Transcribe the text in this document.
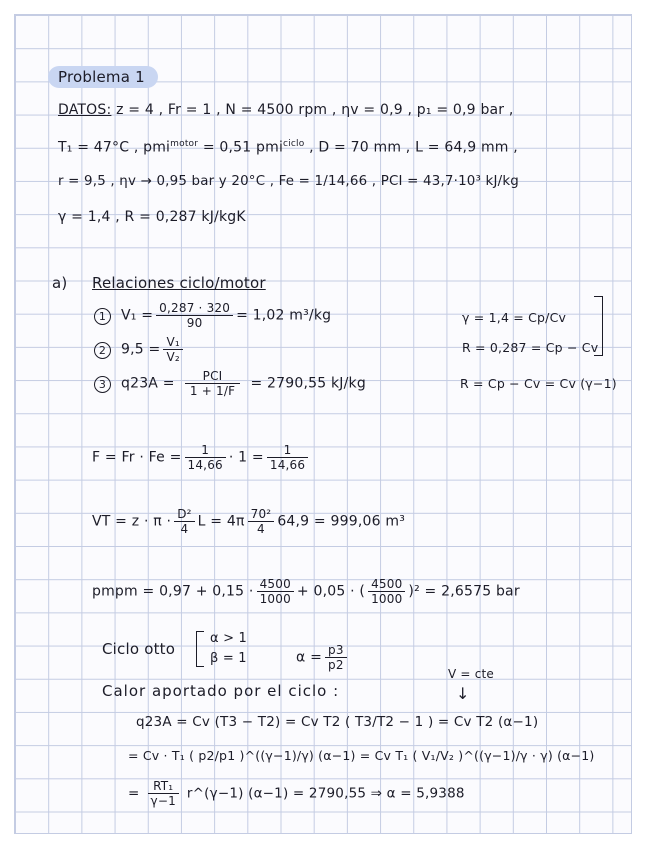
Problema 1
DATOS: z = 4 , Fr = 1 , N = 4500 rpm , ηv = 0,9 , p₁ = 0,9 bar ,
T₁ = 47°C , pmi$^{motor}$ = 0,51 pmi$^{ciclo}$ , D = 70 mm , L = 64,9 mm ,
r = 9,5 , ηv → 0,95 bar y 20°C , Fe = 1/14,66 , PCI = 43,7·10³ kJ/kg
γ = 1,4 , R = 0,287 kJ/kgK
a) Relaciones ciclo/motor
1 $V_1 = \frac{0,287 \cdot 320}{90} = 1,02$ m³/kg
2 $9,5 = \frac{\text{V₁}}{\text{V₂}}$
3 $q23A = \frac{\text{PCI}}{1 + 1/F} = 2790,55$ kJ/kg
γ = 1,4 = Cp/Cv
R = 0,287 = Cp − Cv
R = Cp − Cv = Cv (γ−1)
$F = Fr \cdot Fe = \frac{1}{14,66} \cdot 1 = \frac{1}{14,66}$
VT = $z \cdot \pi \cdot \frac{\text{D²}}{4}$ $L = 4\pi \frac{\text{70²}}{4} 64,9 = 999,06$ m³
pmpm = $0,97 + 0,15 \cdot \frac{4500}{1000} + 0,05$ · ( $\frac{4500}{1000} )^2 = 2,6575$ bar
Ciclo otto
α > 1
β = 1	$\alpha = \frac{p3}{p2}$
V = cte
↓
Calor aportado por el ciclo :
q23A = Cv (T3 − T2) = Cv T2 ( T3/T2 − 1 ) = Cv T2 (α−1)
= Cv · T₁ ( p2/p1 )^((γ−1)/γ) (α−1) = Cv T₁ ( V₁/V₂ )^((γ−1)/γ · γ) (α−1)
= $\frac{\text{RT₁}}{\gamma-1}$ r^(γ−1) (α−1) = 2790,55 ⇒ α = 5,9388
